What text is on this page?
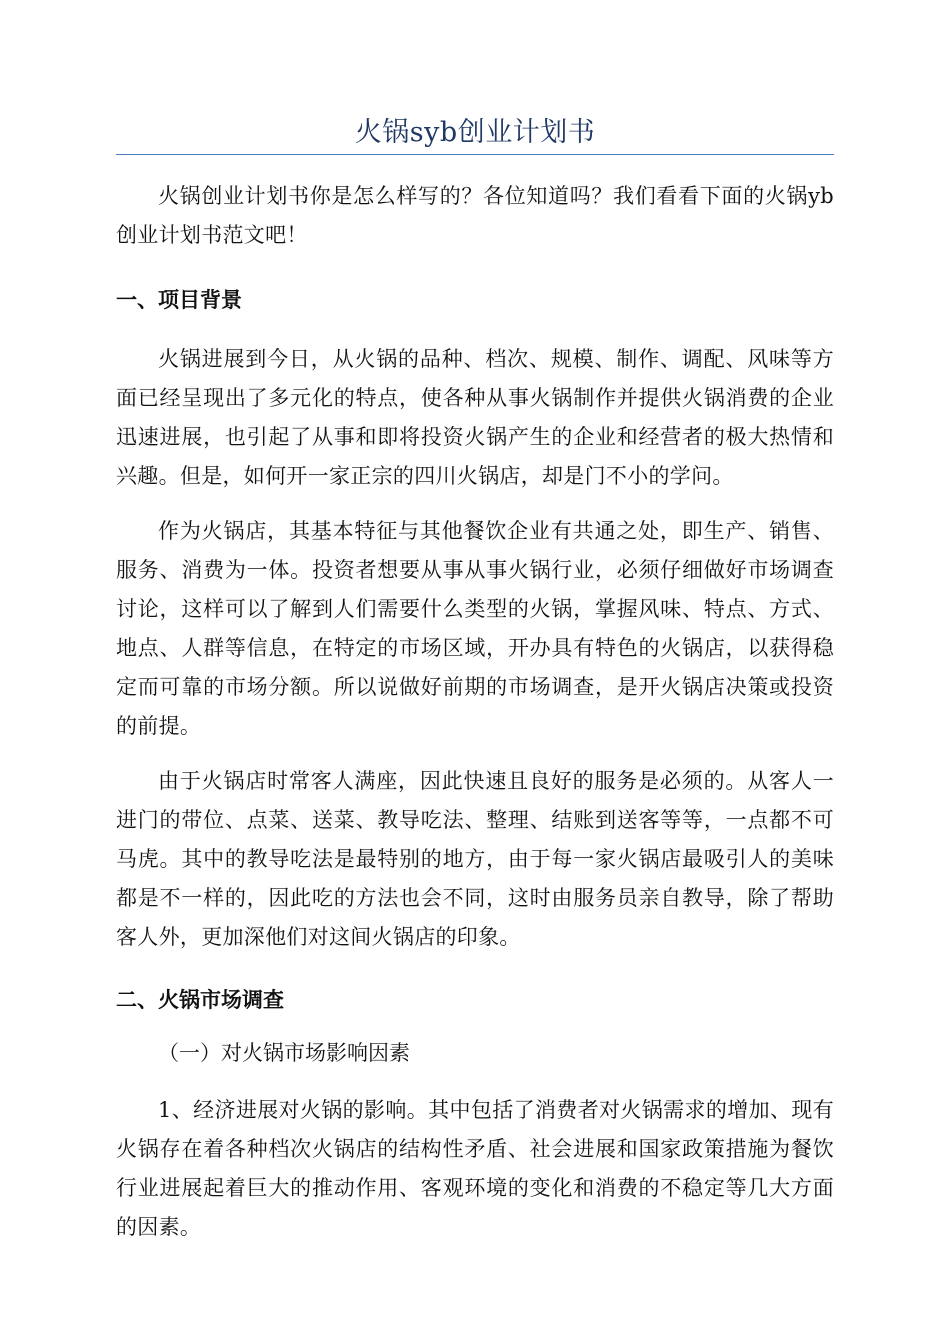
火锅syb创业计划书

火锅创业计划书你是怎么样写的？各位知道吗？我们看看下面的火锅yb创业计划书范文吧！

一、项目背景

火锅进展到今日，从火锅的品种、档次、规模、制作、调配、风味等方面已经呈现出了多元化的特点，使各种从事火锅制作并提供火锅消费的企业迅速进展，也引起了从事和即将投资火锅产生的企业和经营者的极大热情和兴趣。但是，如何开一家正宗的四川火锅店，却是门不小的学问。

作为火锅店，其基本特征与其他餐饮企业有共通之处，即生产、销售、服务、消费为一体。投资者想要从事从事火锅行业，必须仔细做好市场调查讨论，这样可以了解到人们需要什么类型的火锅，掌握风味、特点、方式、地点、人群等信息，在特定的市场区域，开办具有特色的火锅店，以获得稳定而可靠的市场分额。所以说做好前期的市场调查，是开火锅店决策或投资的前提。

由于火锅店时常客人满座，因此快速且良好的服务是必须的。从客人一进门的带位、点菜、送菜、教导吃法、整理、结账到送客等等，一点都不可马虎。其中的教导吃法是最特别的地方，由于每一家火锅店最吸引人的美味都是不一样的，因此吃的方法也会不同，这时由服务员亲自教导，除了帮助客人外，更加深他们对这间火锅店的印象。

二、火锅市场调查

（一）对火锅市场影响因素

1、经济进展对火锅的影响。其中包括了消费者对火锅需求的增加、现有火锅存在着各种档次火锅店的结构性矛盾、社会进展和国家政策措施为餐饮行业进展起着巨大的推动作用、客观环境的变化和消费的不稳定等几大方面的因素。
